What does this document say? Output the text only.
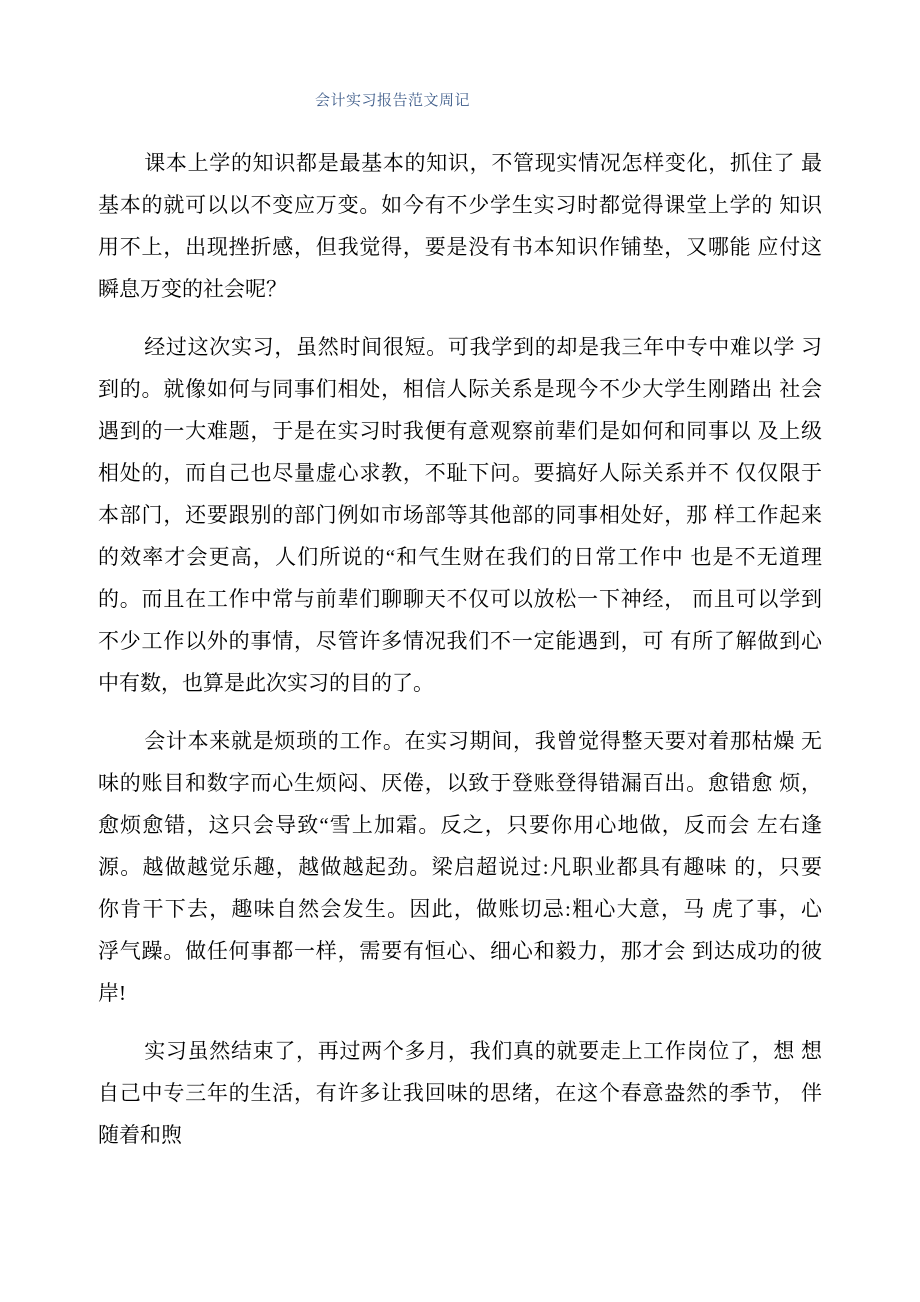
会计实习报告范文周记
课本上学的知识都是最基本的知识，不管现实情况怎样变化，抓住了 最
基本的就可以以不变应万变。如今有不少学生实习时都觉得课堂上学的 知识
用不上，出现挫折感，但我觉得，要是没有书本知识作铺垫，又哪能 应付这
瞬息万变的社会呢？
经过这次实习，虽然时间很短。可我学到的却是我三年中专中难以学 习
到的。就像如何与同事们相处，相信人际关系是现今不少大学生刚踏出 社会
遇到的一大难题，于是在实习时我便有意观察前辈们是如何和同事以 及上级
相处的，而自己也尽量虚心求教，不耻下问。要搞好人际关系并不 仅仅限于
本部门，还要跟别的部门例如市场部等其他部的同事相处好，那 样工作起来
的效率才会更高，人们所说的“和气生财在我们的日常工作中 也是不无道理
的。而且在工作中常与前辈们聊聊天不仅可以放松一下神经， 而且可以学到
不少工作以外的事情，尽管许多情况我们不一定能遇到，可 有所了解做到心
中有数，也算是此次实习的目的了。
会计本来就是烦琐的工作。在实习期间，我曾觉得整天要对着那枯燥 无
味的账目和数字而心生烦闷、厌倦，以致于登账登得错漏百出。愈错愈 烦，
愈烦愈错，这只会导致“雪上加霜。反之，只要你用心地做，反而会 左右逢
源。越做越觉乐趣，越做越起劲。梁启超说过:凡职业都具有趣味 的，只要
你肯干下去，趣味自然会发生。因此，做账切忌:粗心大意，马 虎了事，心
浮气躁。做任何事都一样，需要有恒心、细心和毅力，那才会 到达成功的彼
岸!
实习虽然结束了，再过两个多月，我们真的就要走上工作岗位了，想 想
自己中专三年的生活，有许多让我回味的思绪，在这个春意盎然的季节， 伴
随着和煦
